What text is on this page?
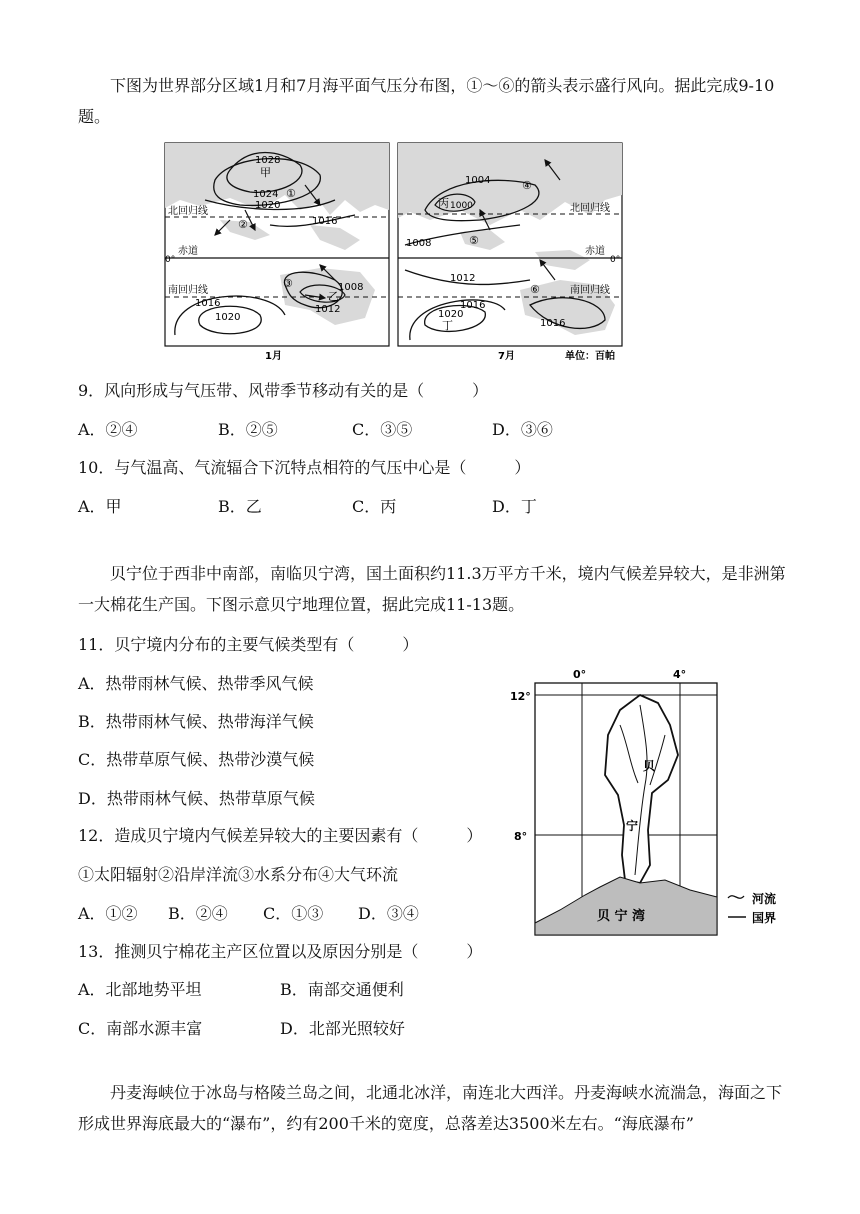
下图为世界部分区域1月和7月海平面气压分布图，①～⑥的箭头表示盛行风向。据此完成9-10题。
1028
甲
1024 ①
1020
北回归线
②	1016
赤道
0°
南回归线
③	1008
乙
1012
1016
1020
1004	④
丙 1000	北回归线
1008	⑤
赤道
0°
1012
⑥	南回归线
1016
1020
丁	1016
1月	7月	单位：百帕
9．风向形成与气压带、风带季节移动有关的是（　　　）
A．②④	B．②⑤	C．③⑤	D．③⑥
10．与气温高、气流辐合下沉特点相符的气压中心是（　　　）
A．甲	B．乙	C．丙	D．丁
贝宁位于西非中南部，南临贝宁湾，国土面积约11.3万平方千米，境内气候差异较大，是非洲第一大棉花生产国。下图示意贝宁地理位置，据此完成11-13题。
11．贝宁境内分布的主要气候类型有（　　　）
A．热带雨林气候、热带季风气候
B．热带雨林气候、热带海洋气候
C．热带草原气候、热带沙漠气候
D．热带雨林气候、热带草原气候
12．造成贝宁境内气候差异较大的主要因素有（　　　）
①太阳辐射②沿岸洋流③水系分布④大气环流
A．①② B．②④ C．①③ D．③④
13．推测贝宁棉花主产区位置以及原因分别是（　　　）
A．北部地势平坦	B．南部交通便利
C．南部水源丰富	D．北部光照较好
0°	4°
12°
8°
贝
宁
贝 宁 湾
河流
国界
丹麦海峡位于冰岛与格陵兰岛之间，北通北冰洋，南连北大西洋。丹麦海峡水流湍急，海面之下形成世界海底最大的“瀑布”，约有200千米的宽度，总落差达3500米左右。“海底瀑布”
